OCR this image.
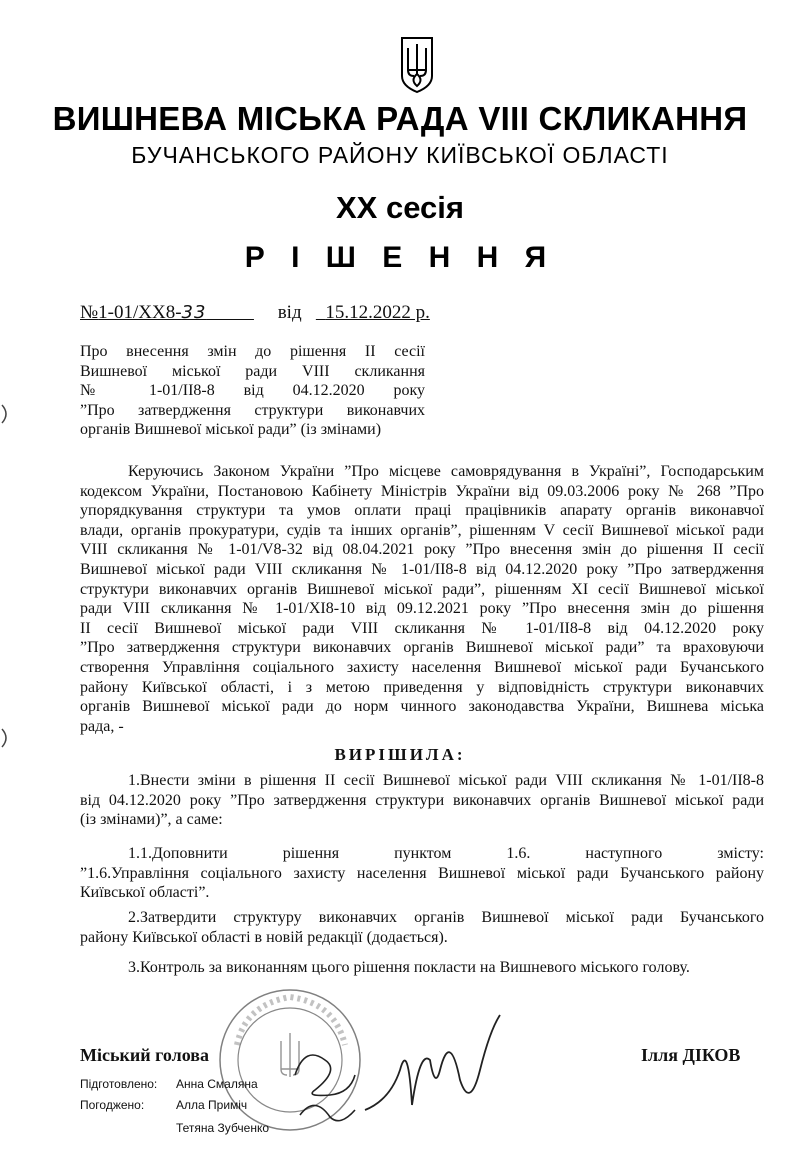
ВИШНЕВА МІСЬКА РАДА VIII СКЛИКАННЯ
БУЧАНСЬКОГО РАЙОНУ КИЇВСЬКОЇ ОБЛАСТІ
XX сесія
Р І Ш Е Н Н Я
№1-01/XX8-33	від 15.12.2022 р.
Про внесення змін до рішення II сесії
Вишневої міської ради VIII скликання
№ 1-01/II8-8 від 04.12.2020 року
”Про затвердження структури виконавчих
органів Вишневої міської ради” (із змінами)
Керуючись Законом України ”Про місцеве самоврядування в Україні”, Господарським
кодексом України, Постановою Кабінету Міністрів України від 09.03.2006 року № 268 ”Про
упорядкування структури та умов оплати праці працівників апарату органів виконавчої
влади, органів прокуратури, судів та інших органів”, рішенням V сесії Вишневої міської ради
VIII скликання № 1-01/V8-32 від 08.04.2021 року ”Про внесення змін до рішення II сесії
Вишневої міської ради VIII скликання № 1-01/II8-8 від 04.12.2020 року ”Про затвердження
структури виконавчих органів Вишневої міської ради”, рішенням XI сесії Вишневої міської
ради VIII скликання № 1-01/XI8-10 від 09.12.2021 року ”Про внесення змін до рішення
II сесії Вишневої міської ради VIII скликання № 1-01/II8-8 від 04.12.2020 року
”Про затвердження структури виконавчих органів Вишневої міської ради” та враховуючи
створення Управління соціального захисту населення Вишневої міської ради Бучанського
району Київської області, і з метою приведення у відповідність структури виконавчих
органів Вишневої міської ради до норм чинного законодавства України, Вишнева міська
рада, -
ВИРІШИЛА:
1.Внести зміни в рішення II сесії Вишневої міської ради VIII скликання № 1-01/II8-8
від 04.12.2020 року ”Про затвердження структури виконавчих органів Вишневої міської ради
(із змінами)”, а саме:
1.1.Доповнити рішення пунктом 1.6. наступного змісту:
”1.6.Управління соціального захисту населення Вишневої міської ради Бучанського району
Київської області”.
2.Затвердити структуру виконавчих органів Вишневої міської ради Бучанського
району Київської області в новій редакції (додається).
3.Контроль за виконанням цього рішення покласти на Вишневого міського голову.
Міський голова	Ілля ДІКОВ
Підготовлено: Анна Смаляна
Погоджено:	Алла Приміч
Тетяна Зубченко
